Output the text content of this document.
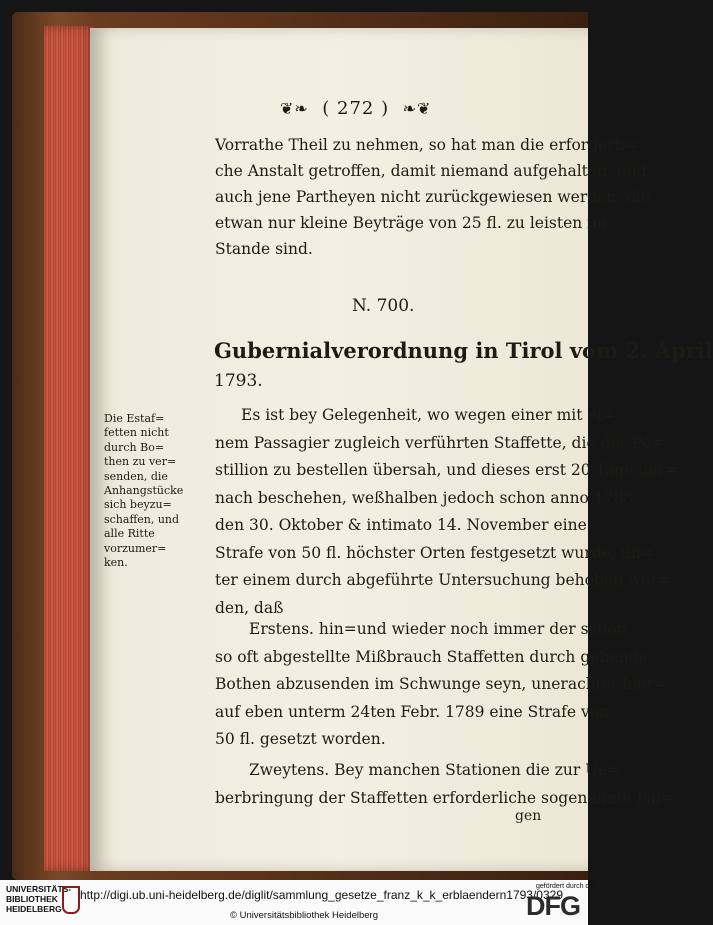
❦❧ ( 272 ) ❧❦
Vorrathe Theil zu nehmen, so hat man die erforderli=
che Anstalt getroffen, damit niemand aufgehalten, und
auch jene Partheyen nicht zurückgewiesen werden, die
etwan nur kleine Beyträge von 25 fl. zu leisten im
Stande sind.
N. 700.
Gubernialverordnung in Tirol vom 2. April
1793.
Die Estaf=
fetten nicht
durch Bo=
then zu ver=
senden, die
Anhangstücke
sich beyzu=
schaffen, und
alle Ritte
vorzumer=
ken.
Es ist bey Gelegenheit, wo wegen einer mit ei=
nem Passagier zugleich verführten Staffette, die der Po=
stillion zu bestellen übersah, und dieses erst 20 Täge dar=
nach beschehen, weßhalben jedoch schon anno 1788
den 30. Oktober & intimato 14. November eine
Strafe von 50 fl. höchster Orten festgesetzt wurde, un=
ter einem durch abgeführte Untersuchung behoben wor=
den, daß
Erstens. hin=und wieder noch immer der schon
so oft abgestellte Mißbrauch Staffetten durch gehende
Bothen abzusenden im Schwunge seyn, unerachtet hier=
auf eben unterm 24ten Febr. 1789 eine Strafe von
50 fl. gesetzt worden.
Zweytens. Bey manchen Stationen die zur Ue=
berbringung der Staffetten erforderliche sogenannte Päl=
gen
UNIVERSITÄTS-
BIBLIOTHEK
HEIDELBERG
http://digi.ub.uni-heidelberg.de/diglit/sammlung_gesetze_franz_k_k_erblaendern1793/0329
© Universitätsbibliothek Heidelberg
gefördert durch die
DFG
